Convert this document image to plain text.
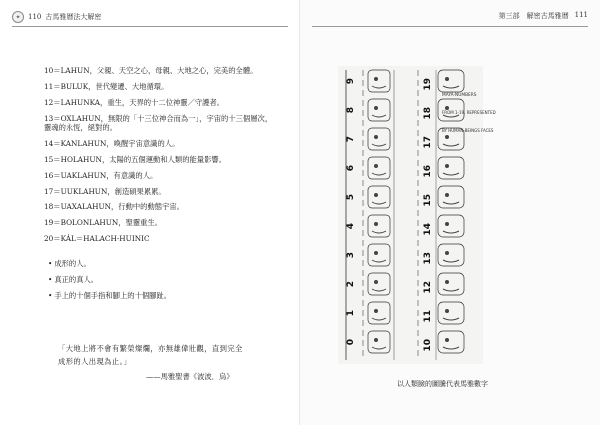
✦	110 古馬雅曆法大解密
10＝LAHUN，父親、天空之心，母親、大地之心，完美的全體。
11＝BULUK，世代變遷、大地循環。
12＝LAHUNKA，重生，天界的十二位神靈／守護者。
13＝OXLAHUN，無限的「十三位神合而為一」，宇宙的十三個層次，靈魂的永恆，絕對的。
14＝KANLAHUN，喚醒宇宙意識的人。
15＝HOLAHUN，太陽的五個運動和人類的能量影響。
16＝UAKLAHUN，有意識的人。
17＝UUKLAHUN，創造碩果累累。
18＝UAXALAHUN，行動中的動態宇宙。
19＝BOLONLAHUN，聖靈重生。
20＝KÁL＝HALACH-HUINIC
• 成形的人。
• 真正的真人。
• 手上的十個手指和腳上的十個腳趾。
「大地上將不會有繁榮燦爛，亦無雄偉壯觀，直到完全成形的人出現為止。」
——馬雅聖書《波波．烏》
第三部　解密古馬雅曆 111
MAYA-NUMBERS
FROM 1-19, REPRESENTED
BY HUMAN-BEINGS FACES
9
8
7
6
5
4
3
2
1
0
19
18
17
16
15
14
13
12
11
10
以人類臉的圖騰代表馬雅數字
